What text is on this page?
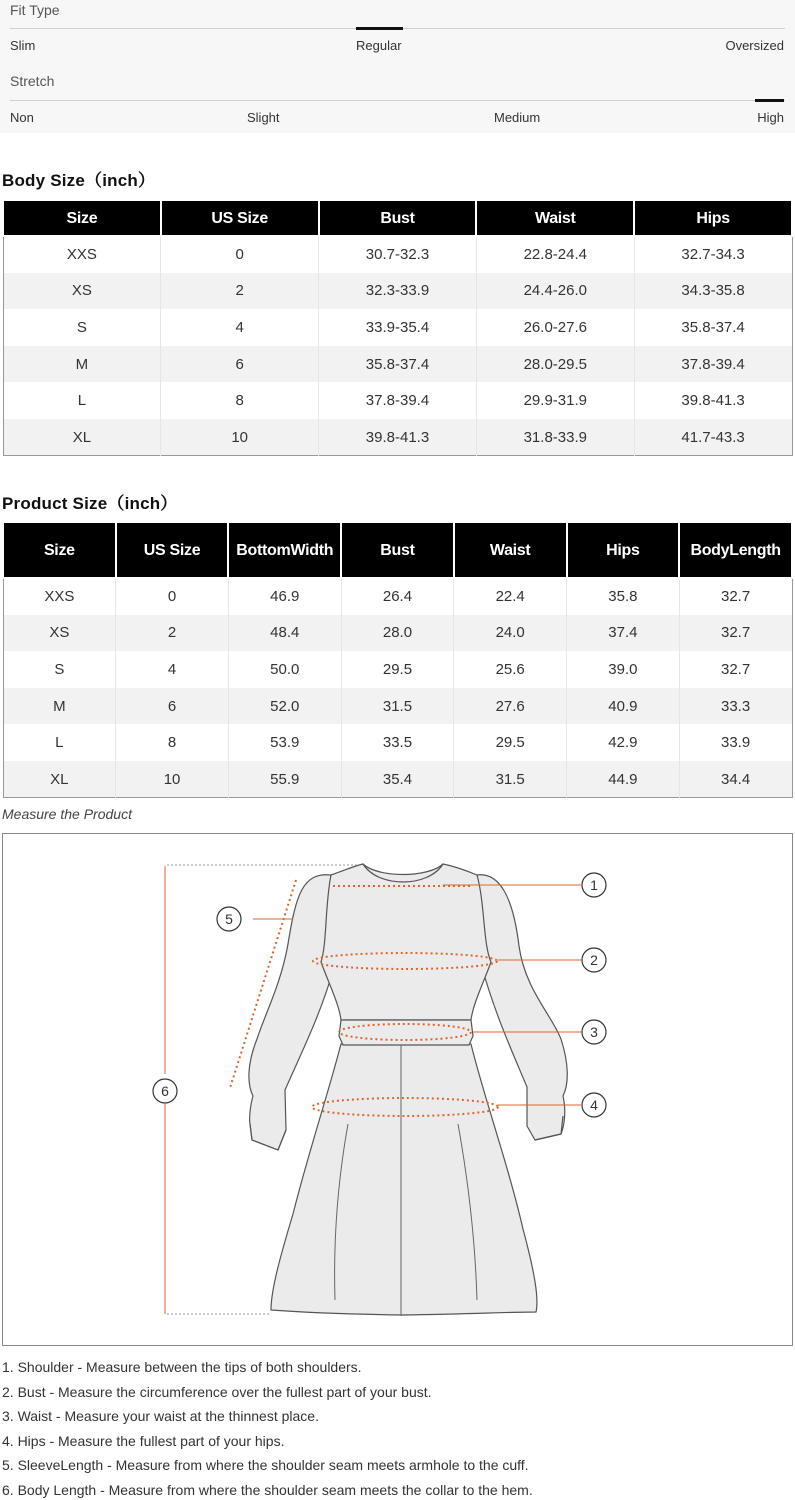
Fit Type
Slim	Regular	Oversized
Stretch
Non	Slight	Medium	High
Body Size（inch）
Size	US Size	Bust	Waist	Hips
XXS	0	30.7-32.3	22.8-24.4	32.7-34.3
XS	2	32.3-33.9	24.4-26.0	34.3-35.8
S	4	33.9-35.4	26.0-27.6	35.8-37.4
M	6	35.8-37.4	28.0-29.5	37.8-39.4
L	8	37.8-39.4	29.9-31.9	39.8-41.3
XL	10	39.8-41.3	31.8-33.9	41.7-43.3
Product Size（inch）
Size	US Size	BottomWidth	Bust	Waist	Hips	BodyLength
XXS	0	46.9	26.4	22.4	35.8	32.7
XS	2	48.4	28.0	24.0	37.4	32.7
S	4	50.0	29.5	25.6	39.0	32.7
M	6	52.0	31.5	27.6	40.9	33.3
L	8	53.9	33.5	29.5	42.9	33.9
XL	10	55.9	35.4	31.5	44.9	34.4
Measure the Product
1
2
3
4
5
6
1. Shoulder - Measure between the tips of both shoulders.
2. Bust - Measure the circumference over the fullest part of your bust.
3. Waist - Measure your waist at the thinnest place.
4. Hips - Measure the fullest part of your hips.
5. SleeveLength - Measure from where the shoulder seam meets armhole to the cuff.
6. Body Length - Measure from where the shoulder seam meets the collar to the hem.
